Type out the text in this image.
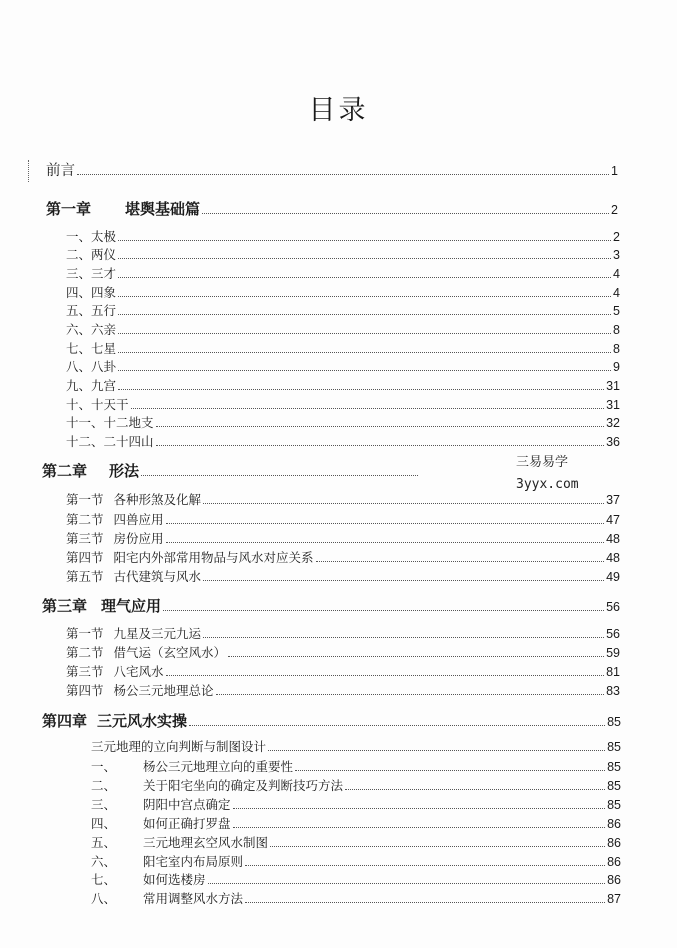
目录
前言	1
第一章 堪舆基础篇	2
一、太极	2
二、两仪	3
三、三才	4
四、四象	4
五、五行	5
六、六亲	8
七、七星	8
八、八卦	9
九、九宫	31
十、十天干	31
十一、十二地支	32
十二、二十四山	36
第二章 形法
第一节 各种形煞及化解	37
第二节 四兽应用	47
第三节 房份应用	48
第四节 阳宅内外部常用物品与风水对应关系	48
第五节 古代建筑与风水	49
第三章 理气应用	56
第一节 九星及三元九运	56
第二节 借气运（玄空风水）	59
第三节 八宅风水	81
第四节 杨公三元地理总论	83
第四章 三元风水实操	85
三元地理的立向判断与制图设计	85
一、	杨公三元地理立向的重要性	85
二、	关于阳宅坐向的确定及判断技巧方法	85
三、	阴阳中宫点确定	85
四、	如何正确打罗盘	86
五、	三元地理玄空风水制图	86
六、	阳宅室内布局原则	86
七、	如何选楼房	86
八、	常用调整风水方法	87
三易易学
3yyx.com
